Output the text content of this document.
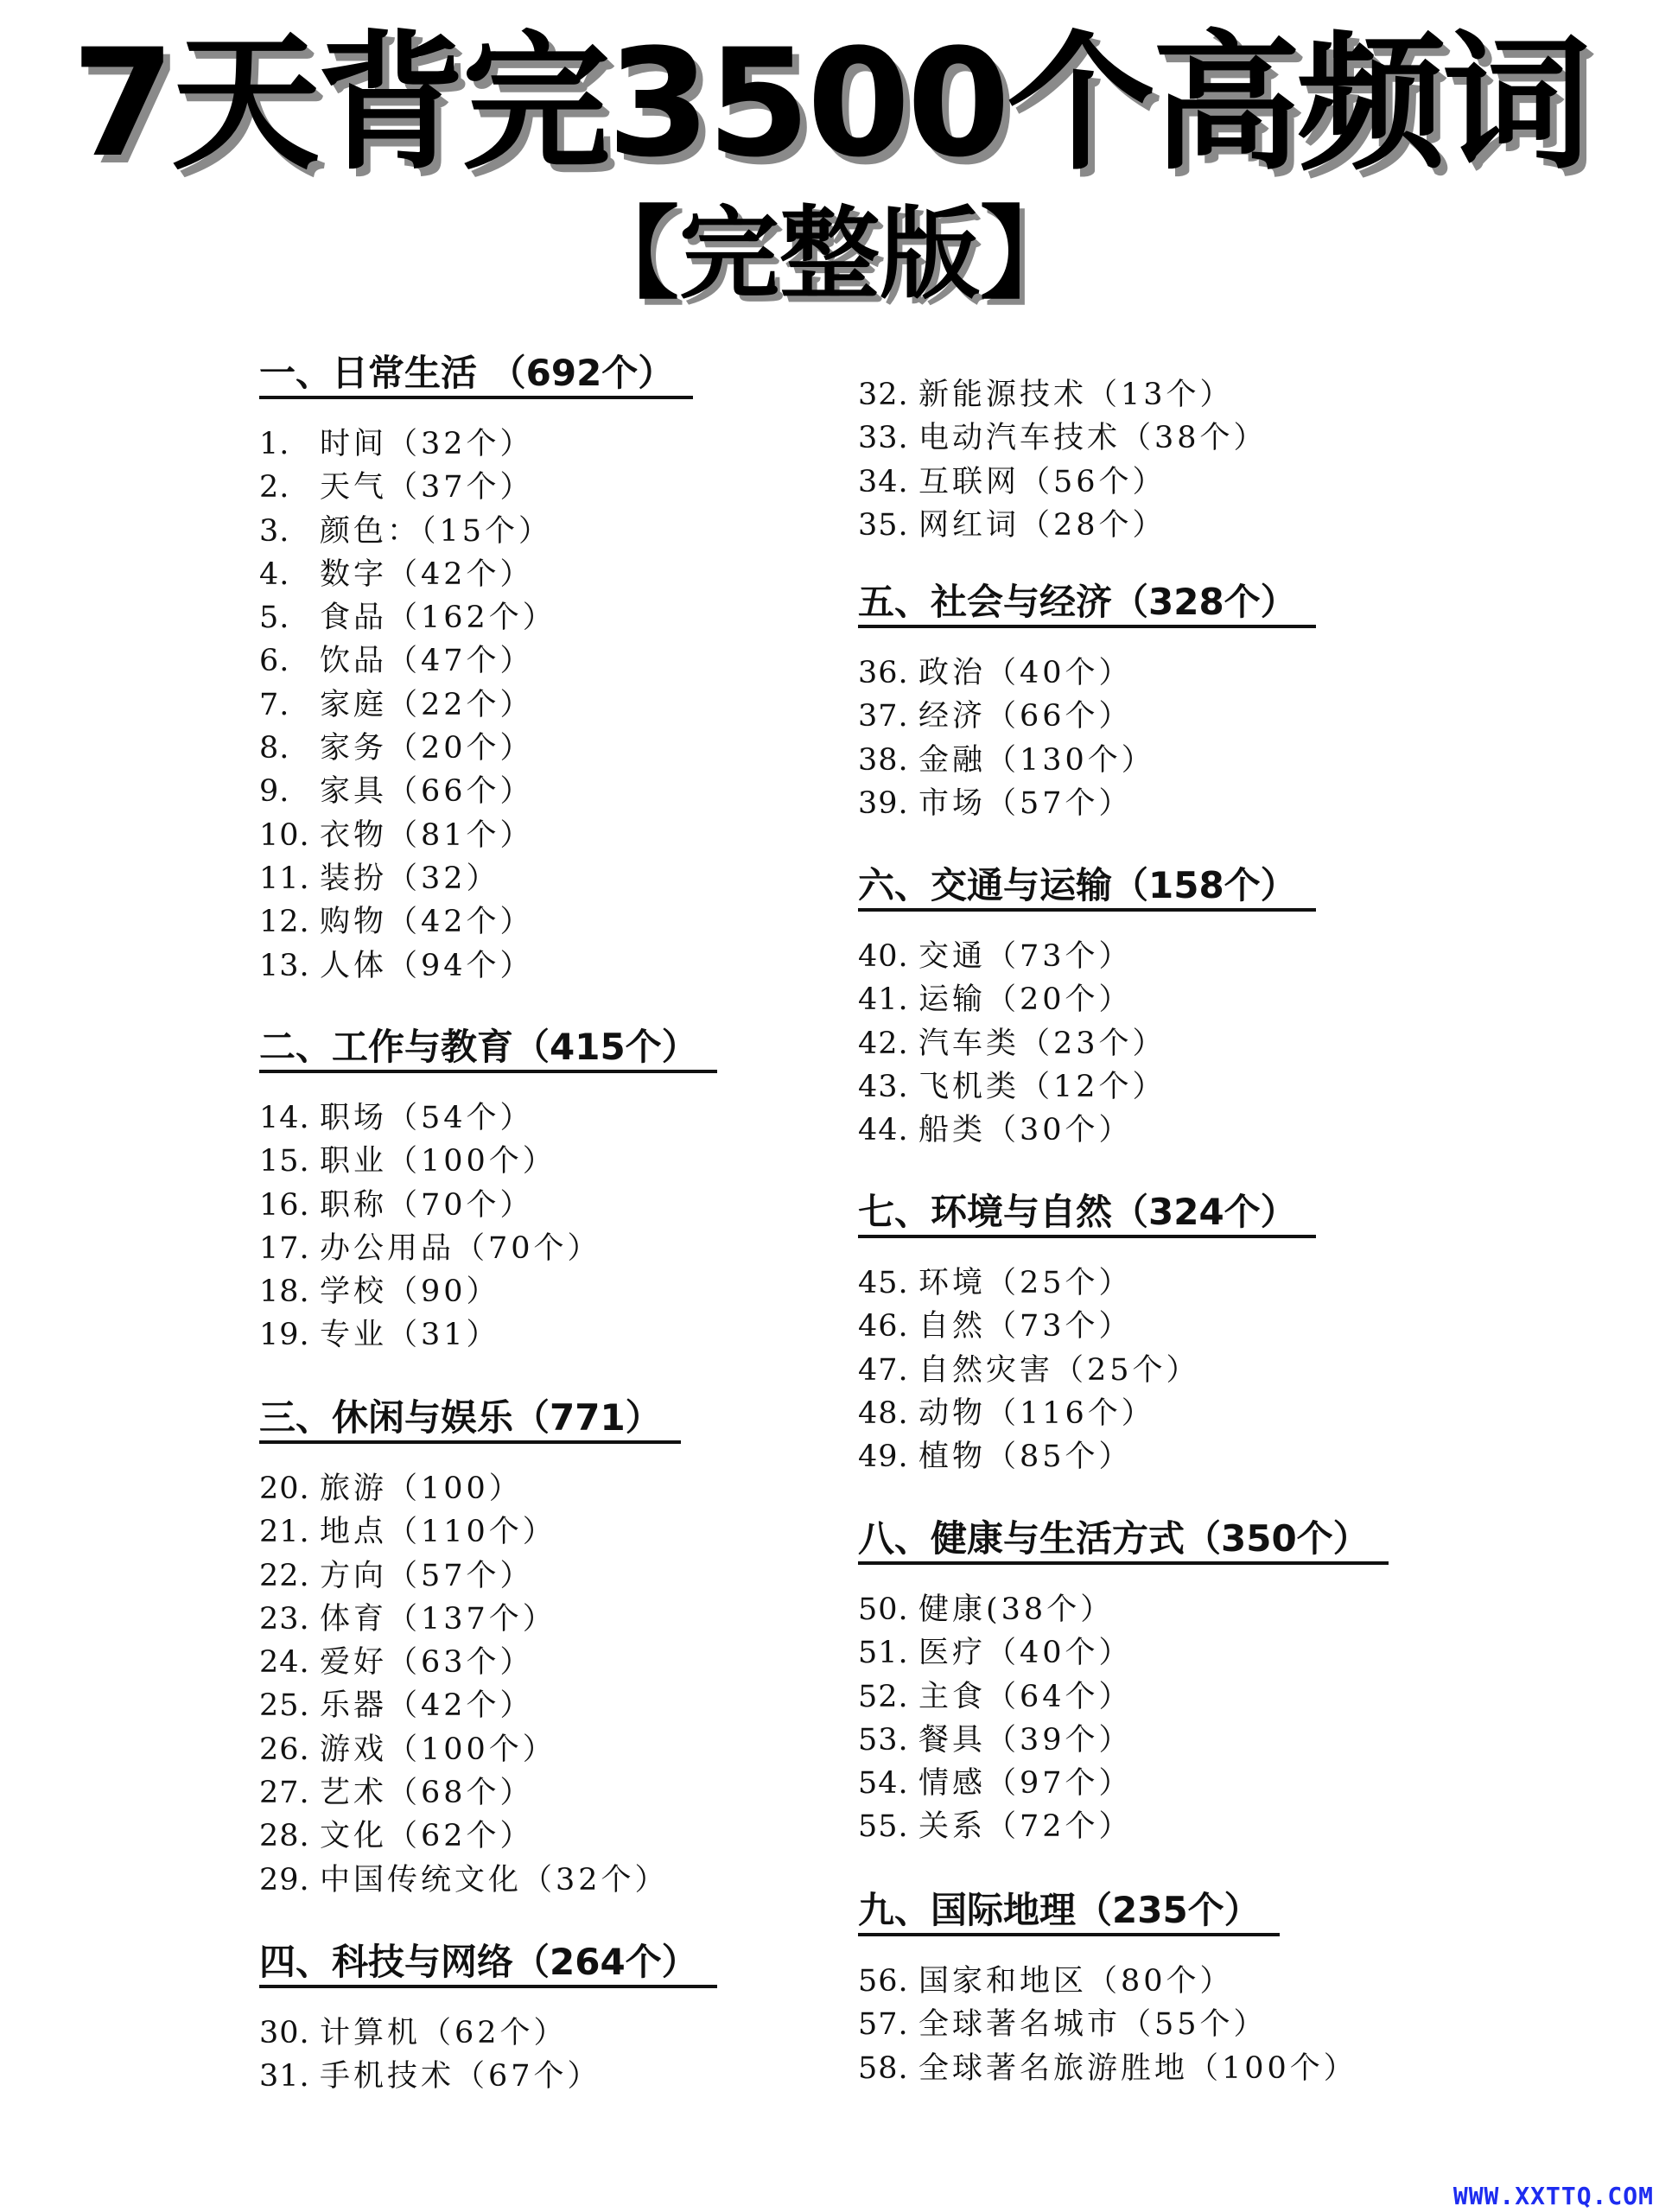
7天背完3500个高频词
【完整版】
一、日常生活 （692个）
1. 时间（32个）
2. 天气（37个）
3. 颜色：（15个）
4. 数字（42个）
5. 食品（162个）
6. 饮品（47个）
7. 家庭（22个）
8. 家务（20个）
9. 家具（66个）
10. 衣物（81个）
11. 装扮（32）
12. 购物（42个）
13. 人体（94个）
二、工作与教育（415个）
14. 职场（54个）
15. 职业（100个）
16. 职称（70个）
17. 办公用品（70个）
18. 学校（90）
19. 专业（31）
三、休闲与娱乐（771）
20. 旅游（100）
21. 地点（110个）
22. 方向（57个）
23. 体育（137个）
24. 爱好（63个）
25. 乐器（42个）
26. 游戏（100个）
27. 艺术（68个）
28. 文化（62个）
29. 中国传统文化（32个）
四、科技与网络（264个）
30. 计算机（62个）
31. 手机技术（67个）
32. 新能源技术（13个）
33. 电动汽车技术（38个）
34. 互联网（56个）
35. 网红词（28个）
五、社会与经济（328个）
36. 政治（40个）
37. 经济（66个）
38. 金融（130个）
39. 市场（57个）
六、交通与运输（158个）
40. 交通（73个）
41. 运输（20个）
42. 汽车类（23个）
43. 飞机类（12个）
44. 船类（30个）
七、环境与自然（324个）
45. 环境（25个）
46. 自然（73个）
47. 自然灾害（25个）
48. 动物（116个）
49. 植物（85个）
八、健康与生活方式（350个）
50. 健康(38个）
51. 医疗（40个）
52. 主食（64个）
53. 餐具（39个）
54. 情感（97个）
55. 关系（72个）
九、国际地理（235个）
56. 国家和地区（80个）
57. 全球著名城市（55个）
58. 全球著名旅游胜地（100个）
WWW.XXTTQ.COM
